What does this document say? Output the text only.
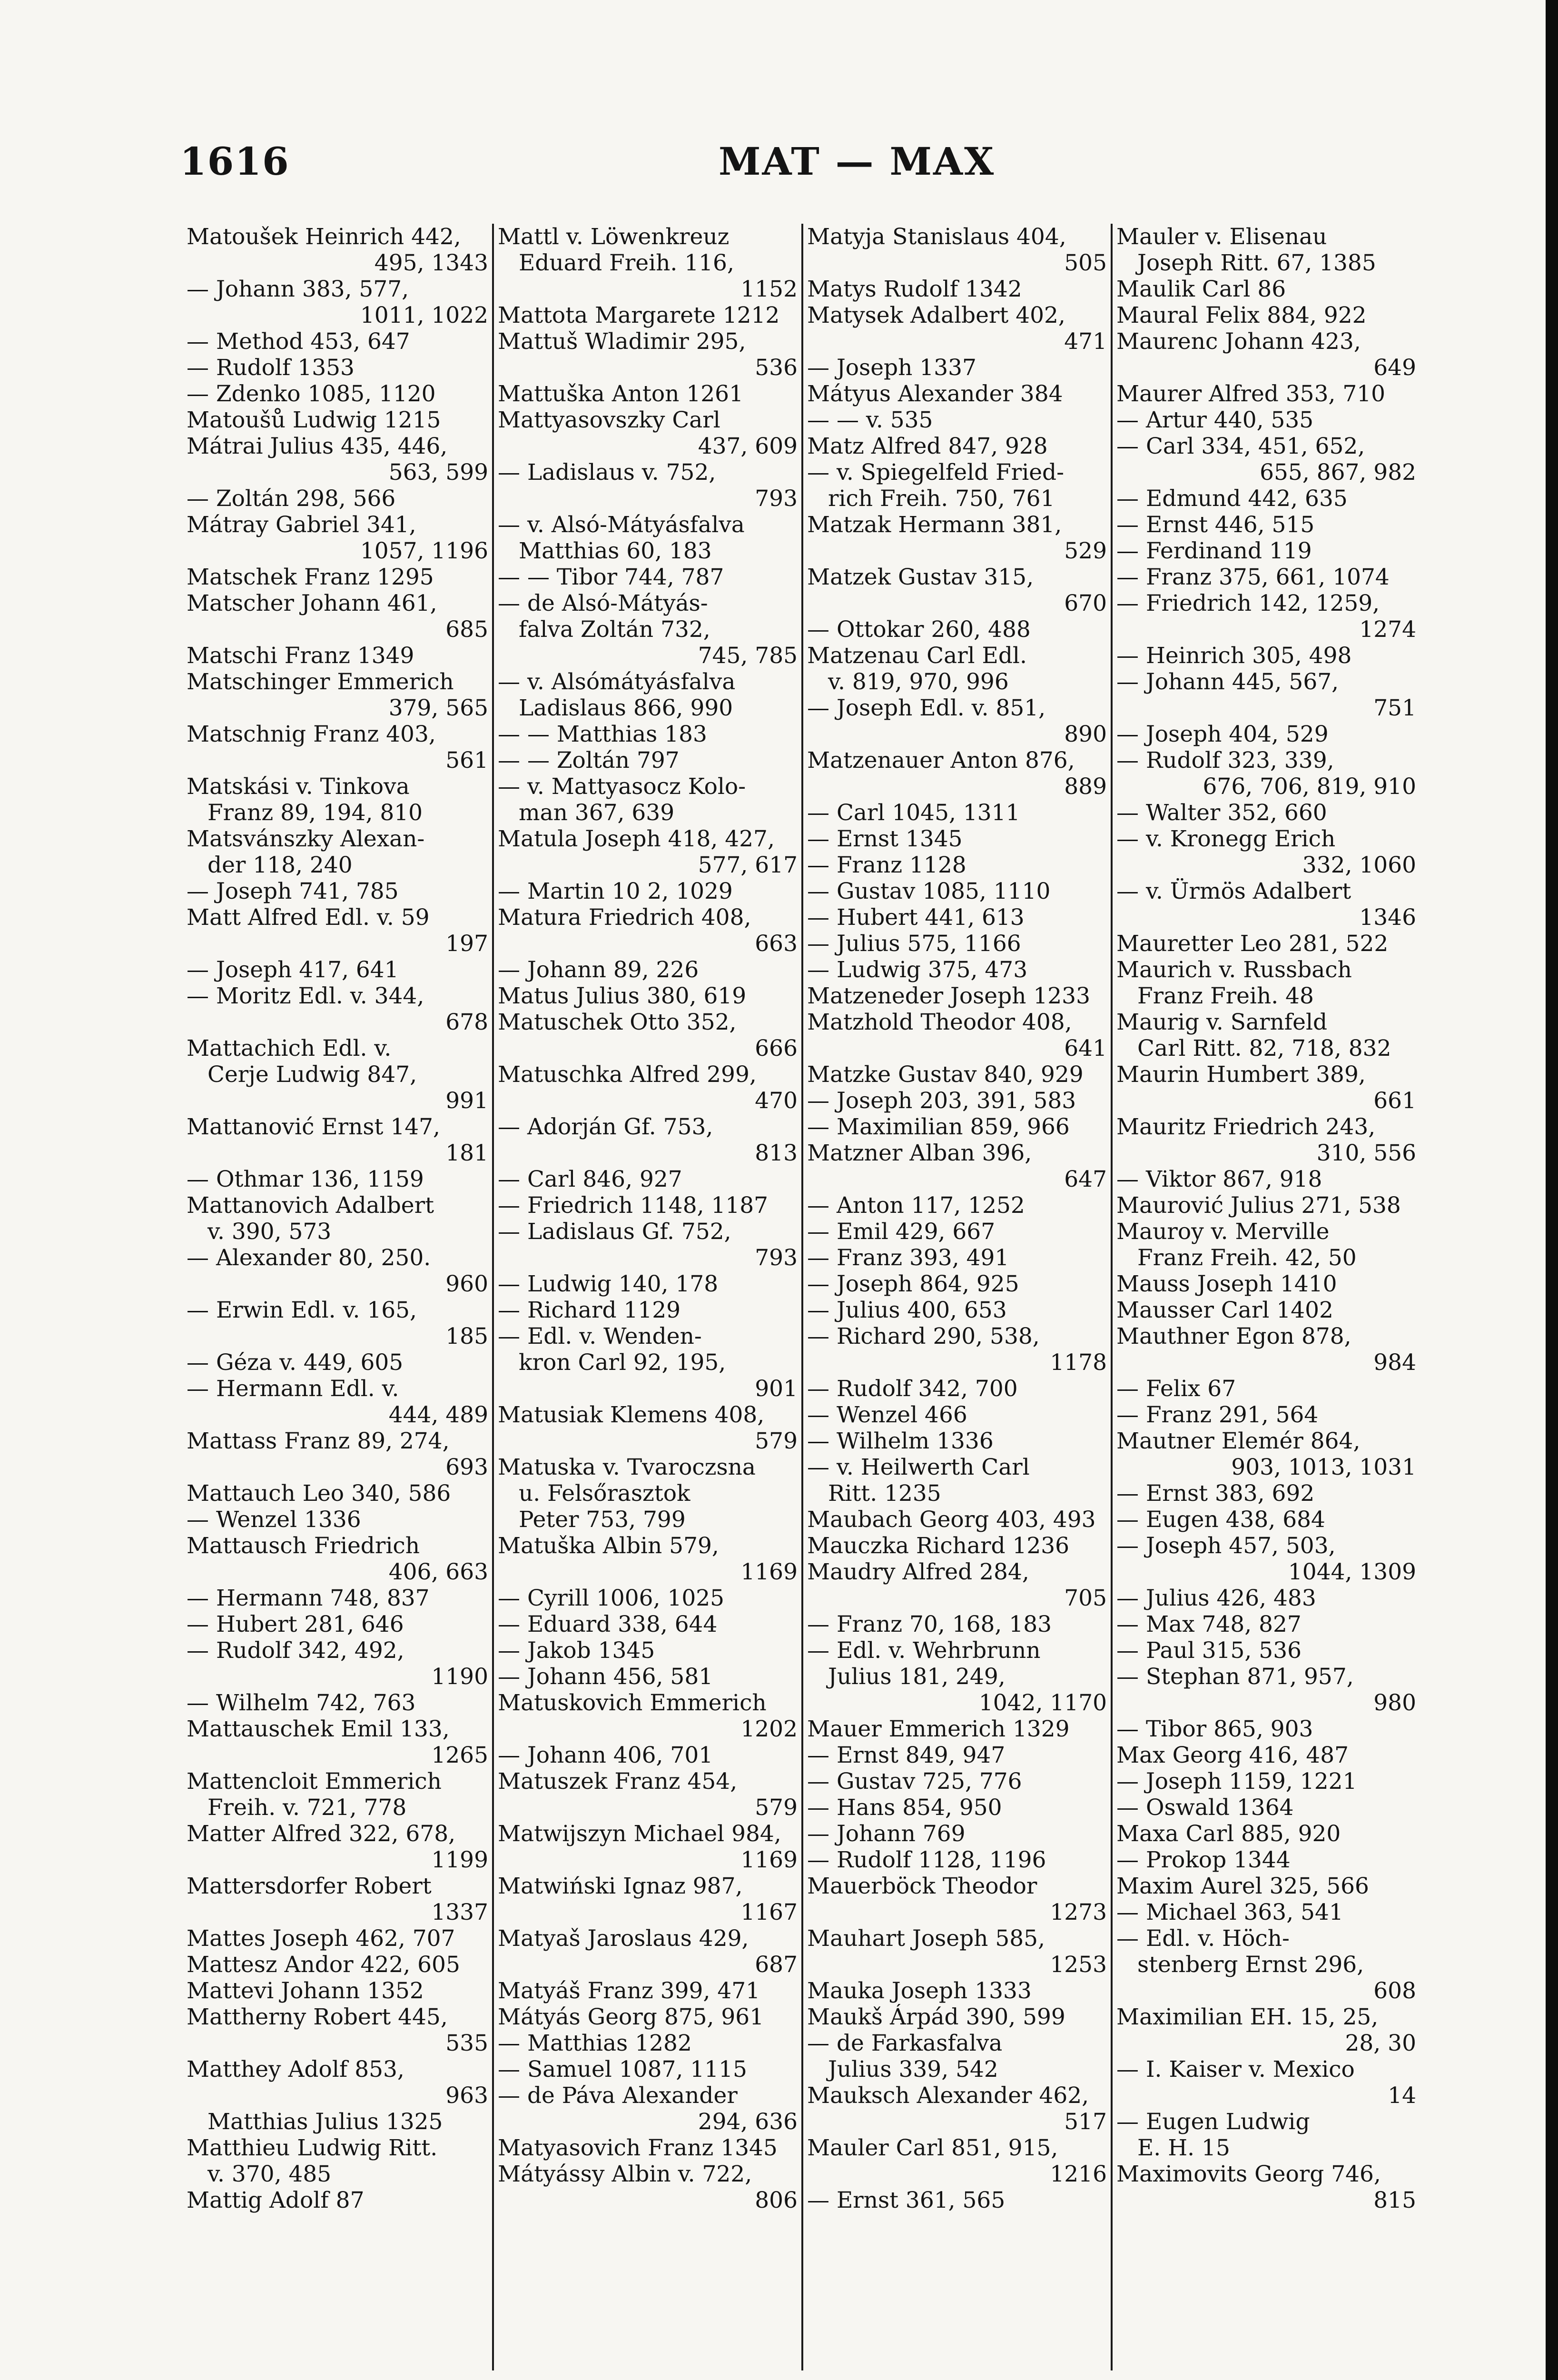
1616	MAT — MAX
Matoušek Heinrich 442,
495, 1343
— Johann 383, 577,
1011, 1022
— Method 453, 647
— Rudolf 1353
— Zdenko 1085, 1120
Matoušů Ludwig 1215
Mátrai Julius 435, 446,
563, 599
— Zoltán 298, 566
Mátray Gabriel 341,
1057, 1196
Matschek Franz 1295
Matscher Johann 461,
685
Matschi Franz 1349
Matschinger Emmerich
379, 565
Matschnig Franz 403,
561
Matskási v. Tinkova
Franz 89, 194, 810
Matsvánszky Alexan-
der 118, 240
— Joseph 741, 785
Matt Alfred Edl. v. 59
197
— Joseph 417, 641
— Moritz Edl. v. 344,
678
Mattachich Edl. v.
Cerje Ludwig 847,
991
Mattanović Ernst 147,
181
— Othmar 136, 1159
Mattanovich Adalbert
v. 390, 573
— Alexander 80, 250.
960
— Erwin Edl. v. 165,
185
— Géza v. 449, 605
— Hermann Edl. v.
444, 489
Mattass Franz 89, 274,
693
Mattauch Leo 340, 586
— Wenzel 1336
Mattausch Friedrich
406, 663
— Hermann 748, 837
— Hubert 281, 646
— Rudolf 342, 492,
1190
— Wilhelm 742, 763
Mattauschek Emil 133,
1265
Mattencloit Emmerich
Freih. v. 721, 778
Matter Alfred 322, 678,
1199
Mattersdorfer Robert
1337
Mattes Joseph 462, 707
Mattesz Andor 422, 605
Mattevi Johann 1352
Mattherny Robert 445,
535
Matthey Adolf 853,
963
Matthias Julius 1325
Matthieu Ludwig Ritt.
v. 370, 485
Mattig Adolf 87
Mattl v. Löwenkreuz
Eduard Freih. 116,
1152
Mattota Margarete 1212
Mattuš Wladimir 295,
536
Mattuška Anton 1261
Mattyasovszky Carl
437, 609
— Ladislaus v. 752,
793
— v. Alsó-Mátyásfalva
Matthias 60, 183
— — Tibor 744, 787
— de Alsó-Mátyás-
falva Zoltán 732,
745, 785
— v. Alsómátyásfalva
Ladislaus 866, 990
— — Matthias 183
— — Zoltán 797
— v. Mattyasocz Kolo-
man 367, 639
Matula Joseph 418, 427,
577, 617
— Martin 10 2, 1029
Matura Friedrich 408,
663
— Johann 89, 226
Matus Julius 380, 619
Matuschek Otto 352,
666
Matuschka Alfred 299,
470
— Adorján Gf. 753,
813
— Carl 846, 927
— Friedrich 1148, 1187
— Ladislaus Gf. 752,
793
— Ludwig 140, 178
— Richard 1129
— Edl. v. Wenden-
kron Carl 92, 195,
901
Matusiak Klemens 408,
579
Matuska v. Tvaroczsna
u. Felsőrasztok
Peter 753, 799
Matuška Albin 579,
1169
— Cyrill 1006, 1025
— Eduard 338, 644
— Jakob 1345
— Johann 456, 581
Matuskovich Emmerich
1202
— Johann 406, 701
Matuszek Franz 454,
579
Matwijszyn Michael 984,
1169
Matwiński Ignaz 987,
1167
Matyaš Jaroslaus 429,
687
Matyáš Franz 399, 471
Mátyás Georg 875, 961
— Matthias 1282
— Samuel 1087, 1115
— de Páva Alexander
294, 636
Matyasovich Franz 1345
Mátyássy Albin v. 722,
806
Matyja Stanislaus 404,
505
Matys Rudolf 1342
Matysek Adalbert 402,
471
— Joseph 1337
Mátyus Alexander 384
— — v. 535
Matz Alfred 847, 928
— v. Spiegelfeld Fried-
rich Freih. 750, 761
Matzak Hermann 381,
529
Matzek Gustav 315,
670
— Ottokar 260, 488
Matzenau Carl Edl.
v. 819, 970, 996
— Joseph Edl. v. 851,
890
Matzenauer Anton 876,
889
— Carl 1045, 1311
— Ernst 1345
— Franz 1128
— Gustav 1085, 1110
— Hubert 441, 613
— Julius 575, 1166
— Ludwig 375, 473
Matzeneder Joseph 1233
Matzhold Theodor 408,
641
Matzke Gustav 840, 929
— Joseph 203, 391, 583
— Maximilian 859, 966
Matzner Alban 396,
647
— Anton 117, 1252
— Emil 429, 667
— Franz 393, 491
— Joseph 864, 925
— Julius 400, 653
— Richard 290, 538,
1178
— Rudolf 342, 700
— Wenzel 466
— Wilhelm 1336
— v. Heilwerth Carl
Ritt. 1235
Maubach Georg 403, 493
Mauczka Richard 1236
Maudry Alfred 284,
705
— Franz 70, 168, 183
— Edl. v. Wehrbrunn
Julius 181, 249,
1042, 1170
Mauer Emmerich 1329
— Ernst 849, 947
— Gustav 725, 776
— Hans 854, 950
— Johann 769
— Rudolf 1128, 1196
Mauerböck Theodor
1273
Mauhart Joseph 585,
1253
Mauka Joseph 1333
Maukš Árpád 390, 599
— de Farkasfalva
Julius 339, 542
Mauksch Alexander 462,
517
Mauler Carl 851, 915,
1216
— Ernst 361, 565
Mauler v. Elisenau
Joseph Ritt. 67, 1385
Maulik Carl 86
Maural Felix 884, 922
Maurenc Johann 423,
649
Maurer Alfred 353, 710
— Artur 440, 535
— Carl 334, 451, 652,
655, 867, 982
— Edmund 442, 635
— Ernst 446, 515
— Ferdinand 119
— Franz 375, 661, 1074
— Friedrich 142, 1259,
1274
— Heinrich 305, 498
— Johann 445, 567,
751
— Joseph 404, 529
— Rudolf 323, 339,
676, 706, 819, 910
— Walter 352, 660
— v. Kronegg Erich
332, 1060
— v. Ürmös Adalbert
1346
Mauretter Leo 281, 522
Maurich v. Russbach
Franz Freih. 48
Maurig v. Sarnfeld
Carl Ritt. 82, 718, 832
Maurin Humbert 389,
661
Mauritz Friedrich 243,
310, 556
— Viktor 867, 918
Maurović Julius 271, 538
Mauroy v. Merville
Franz Freih. 42, 50
Mauss Joseph 1410
Mausser Carl 1402
Mauthner Egon 878,
984
— Felix 67
— Franz 291, 564
Mautner Elemér 864,
903, 1013, 1031
— Ernst 383, 692
— Eugen 438, 684
— Joseph 457, 503,
1044, 1309
— Julius 426, 483
— Max 748, 827
— Paul 315, 536
— Stephan 871, 957,
980
— Tibor 865, 903
Max Georg 416, 487
— Joseph 1159, 1221
— Oswald 1364
Maxa Carl 885, 920
— Prokop 1344
Maxim Aurel 325, 566
— Michael 363, 541
— Edl. v. Höch-
stenberg Ernst 296,
608
Maximilian EH. 15, 25,
28, 30
— I. Kaiser v. Mexico
14
— Eugen Ludwig
E. H. 15
Maximovits Georg 746,
815
